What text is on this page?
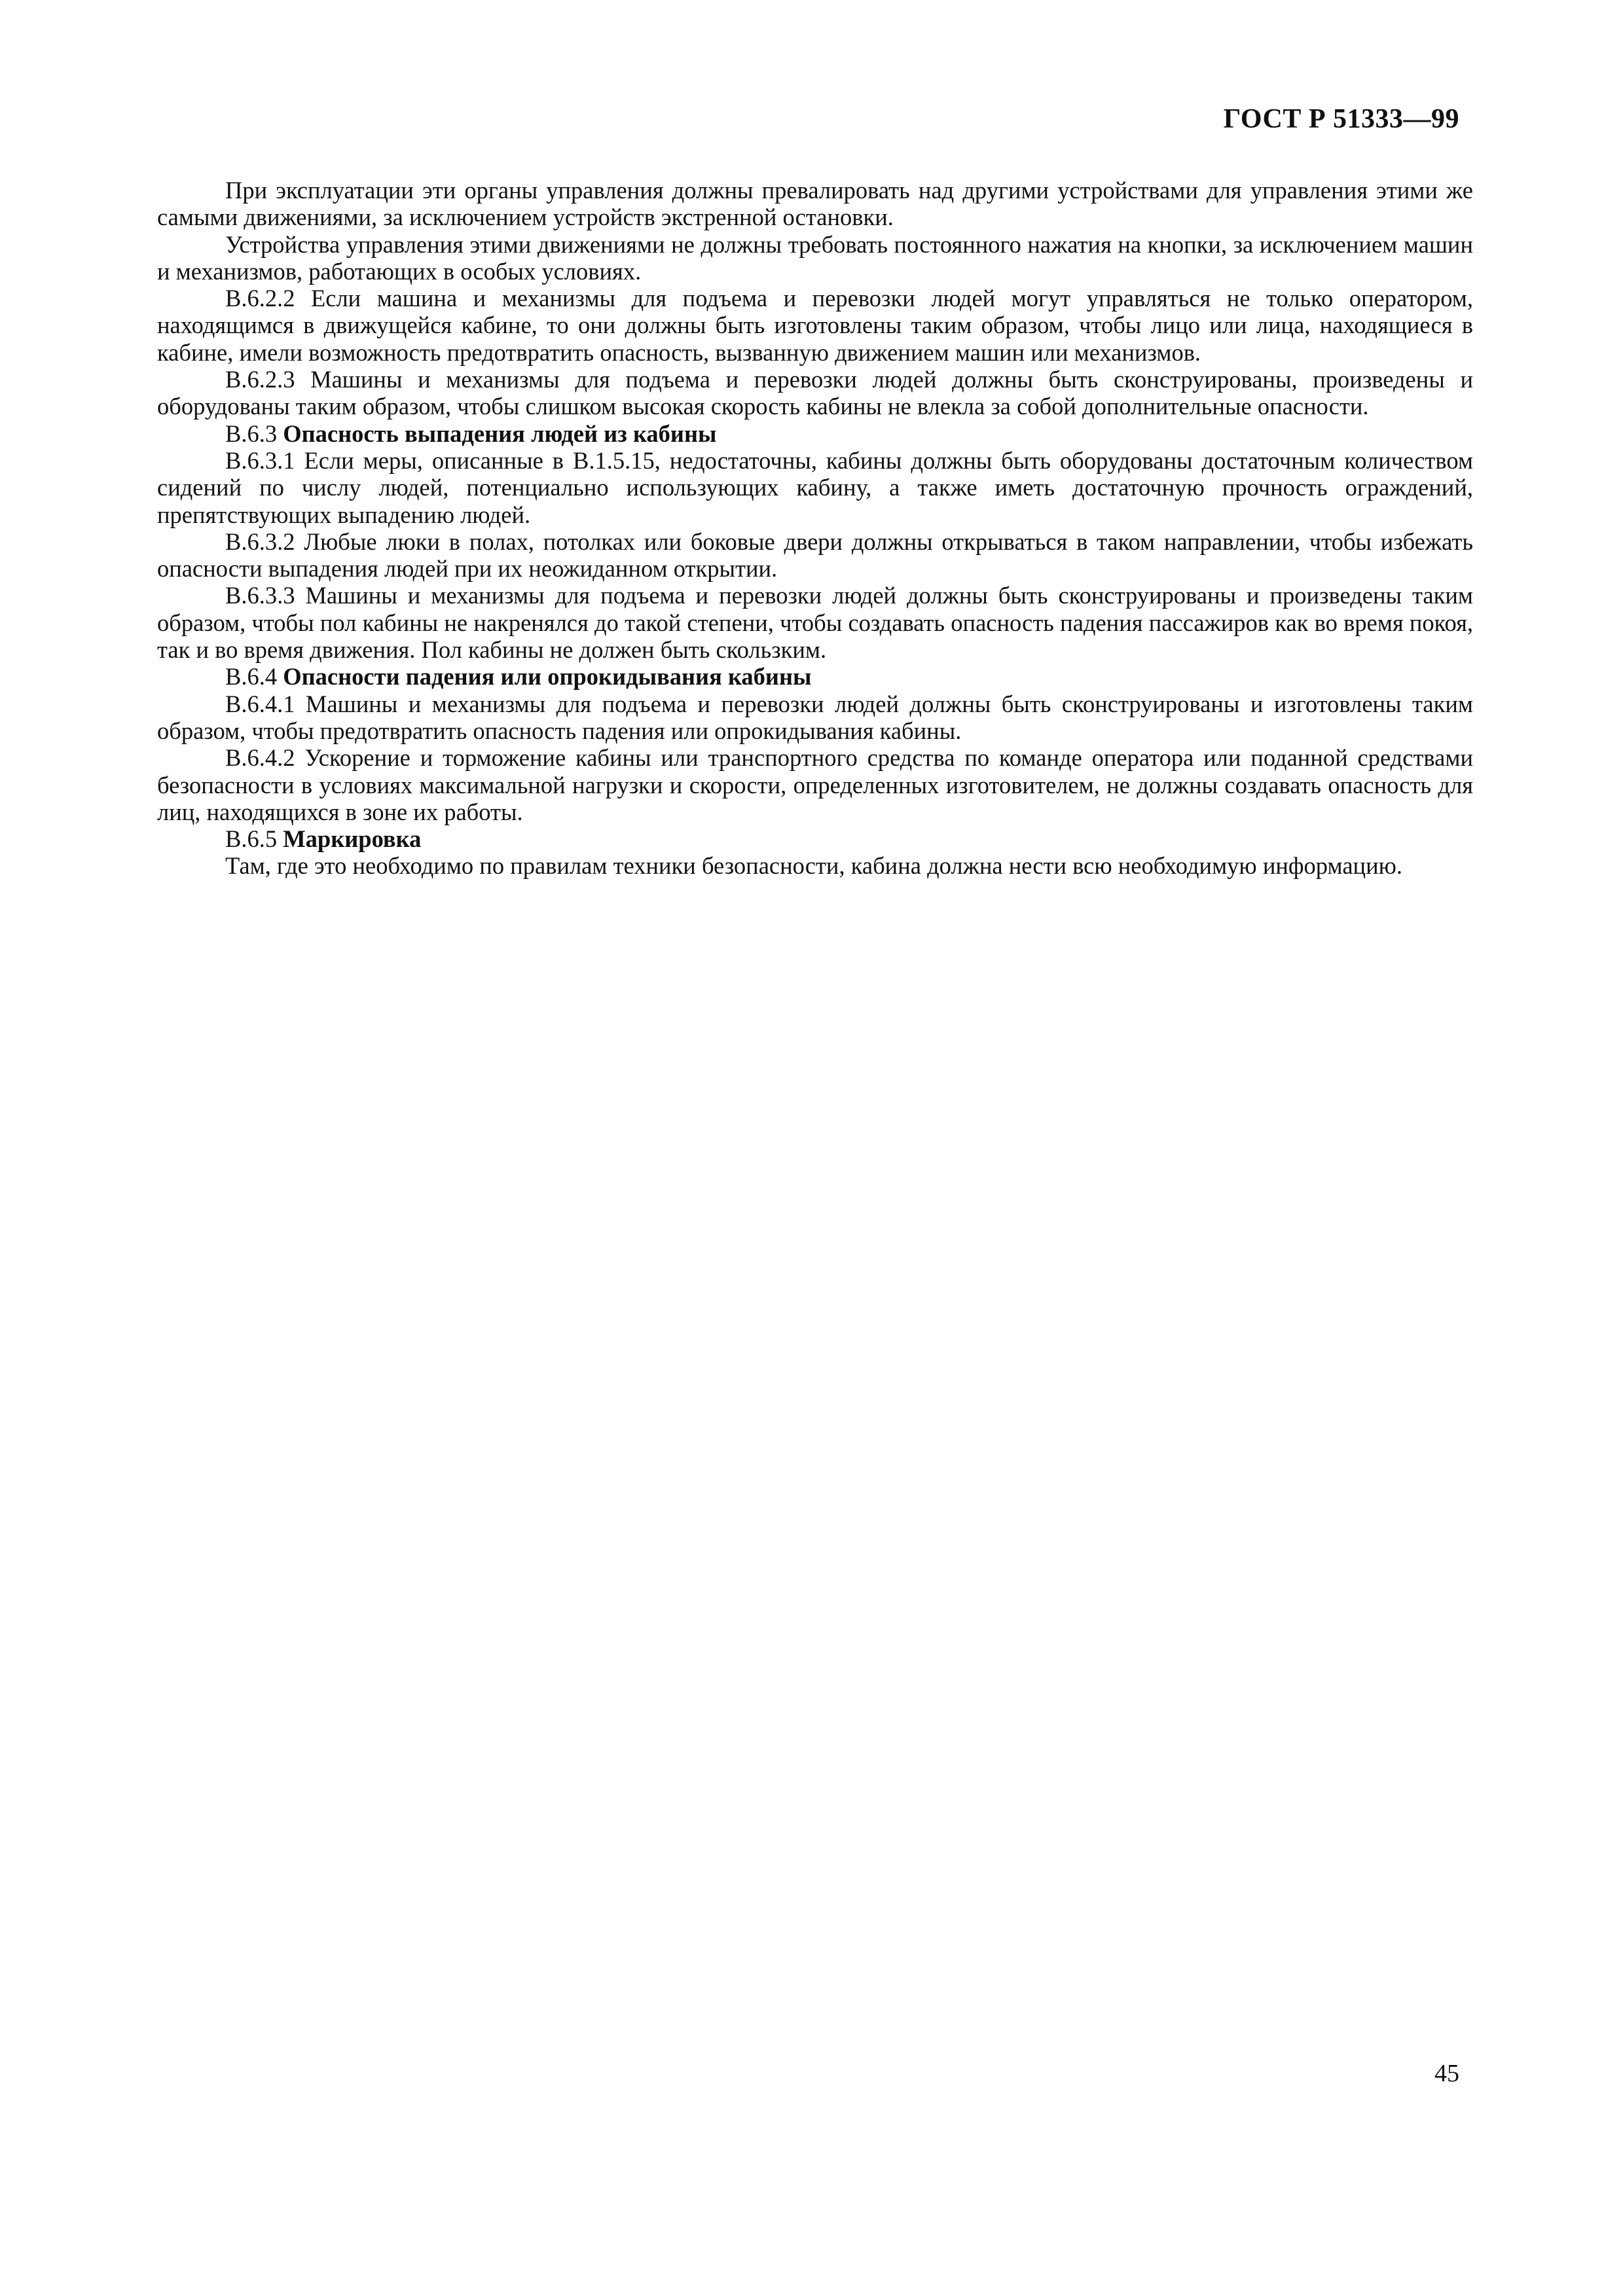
ГОСТ Р 51333—99

При эксплуатации эти органы управления должны превалировать над другими устройствами для управления этими же самыми движениями, за исключением устройств экстренной остановки.

Устройства управления этими движениями не должны требовать постоянного нажатия на кнопки, за исключением машин и механизмов, работающих в особых условиях.

В.6.2.2 Если машина и механизмы для подъема и перевозки людей могут управляться не только оператором, находящимся в движущейся кабине, то они должны быть изготовлены таким образом, чтобы лицо или лица, находящиеся в кабине, имели возможность предотвратить опасность, вызванную движением машин или механизмов.

В.6.2.3 Машины и механизмы для подъема и перевозки людей должны быть сконструированы, произведены и оборудованы таким образом, чтобы слишком высокая скорость кабины не влекла за собой дополнительные опасности.

В.6.3 Опасность выпадения людей из кабины

В.6.3.1 Если меры, описанные в В.1.5.15, недостаточны, кабины должны быть оборудованы достаточным количеством сидений по числу людей, потенциально использующих кабину, а также иметь достаточную прочность ограждений, препятствующих выпадению людей.

В.6.3.2 Любые люки в полах, потолках или боковые двери должны открываться в таком направлении, чтобы избежать опасности выпадения людей при их неожиданном открытии.

В.6.3.3 Машины и механизмы для подъема и перевозки людей должны быть сконструированы и произведены таким образом, чтобы пол кабины не накренялся до такой степени, чтобы создавать опасность падения пассажиров как во время покоя, так и во время движения. Пол кабины не должен быть скользким.

В.6.4 Опасности падения или опрокидывания кабины

В.6.4.1 Машины и механизмы для подъема и перевозки людей должны быть сконструированы и изготовлены таким образом, чтобы предотвратить опасность падения или опрокидывания кабины.

В.6.4.2 Ускорение и торможение кабины или транспортного средства по команде оператора или поданной средствами безопасности в условиях максимальной нагрузки и скорости, определенных изготовителем, не должны создавать опасность для лиц, находящихся в зоне их работы.

В.6.5 Маркировка

Там, где это необходимо по правилам техники безопасности, кабина должна нести всю необходимую информацию.

45
